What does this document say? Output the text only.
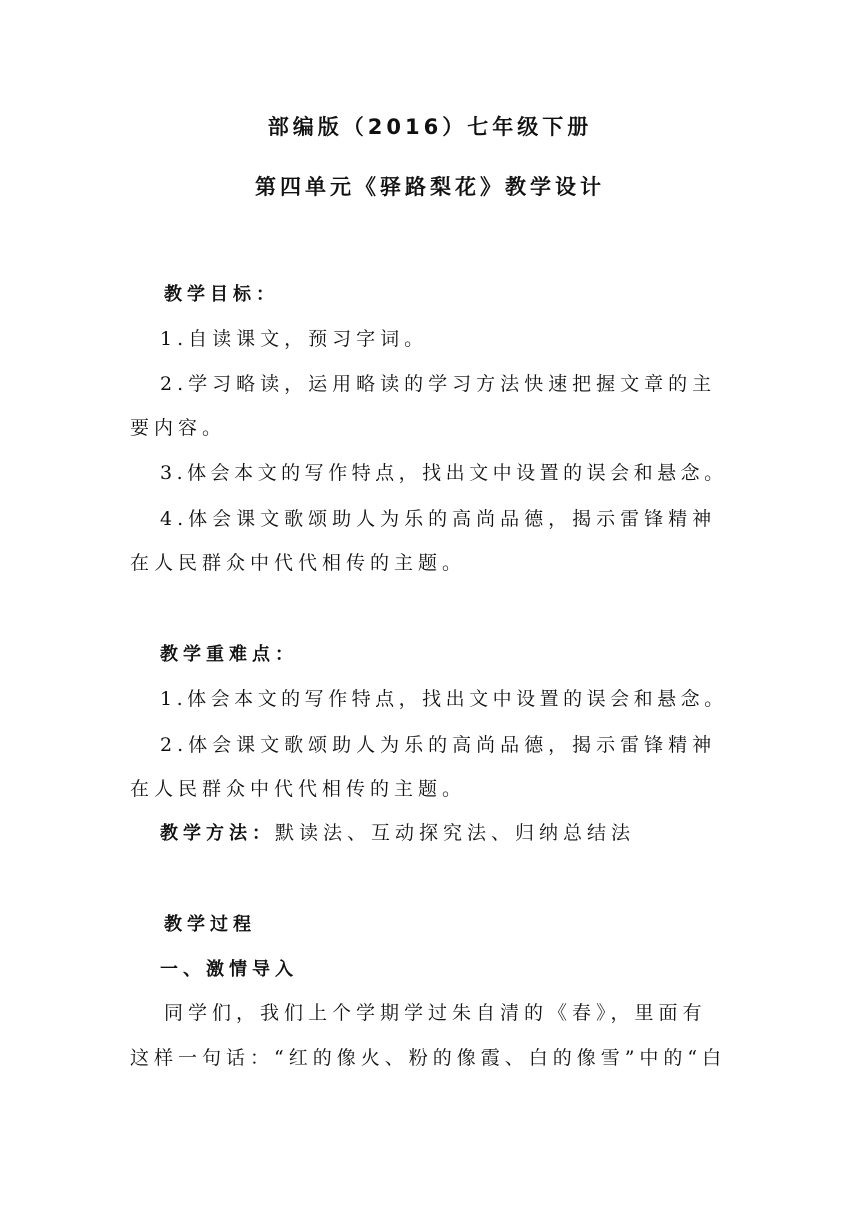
部编版（2016）七年级下册
第四单元《驿路梨花》教学设计
教学目标：
1.自读课文，预习字词。
2.学习略读，运用略读的学习方法快速把握文章的主
要内容。
3.体会本文的写作特点，找出文中设置的误会和悬念。
4.体会课文歌颂助人为乐的高尚品德，揭示雷锋精神
在人民群众中代代相传的主题。
教学重难点：
1.体会本文的写作特点，找出文中设置的误会和悬念。
2.体会课文歌颂助人为乐的高尚品德，揭示雷锋精神
在人民群众中代代相传的主题。
教学方法：默读法、互动探究法、归纳总结法
教学过程
一、激情导入
同学们，我们上个学期学过朱自清的《春》，里面有
这样一句话：“红的像火、粉的像霞、白的像雪”中的“白
